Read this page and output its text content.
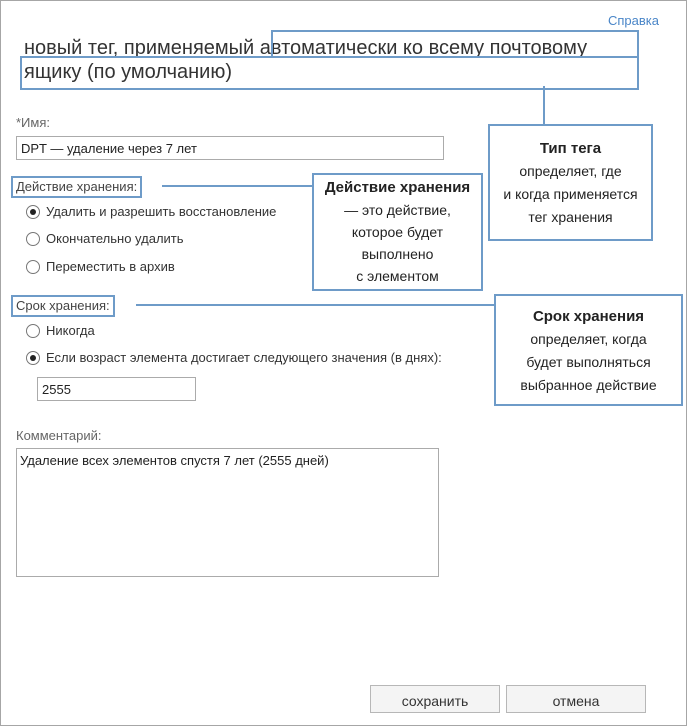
Справка
новый тег, применяемый автоматически ко всему почтовому ящику (по умолчанию)
*Имя:
DPT — удаление через 7 лет
Действие хранения:
Удалить и разрешить восстановление
Окончательно удалить
Переместить в архив
Срок хранения:
Никогда
Если возраст элемента достигает следующего значения (в днях):
2555
Комментарий:
Удаление всех элементов спустя 7 лет (2555 дней)
Тип тега
определяет, где
и когда применяется
тег хранения
Действие хранения
— это действие,
которое будет
выполнено
с элементом
Срок хранения
определяет, когда
будет выполняться
выбранное действие
сохранить	отмена
